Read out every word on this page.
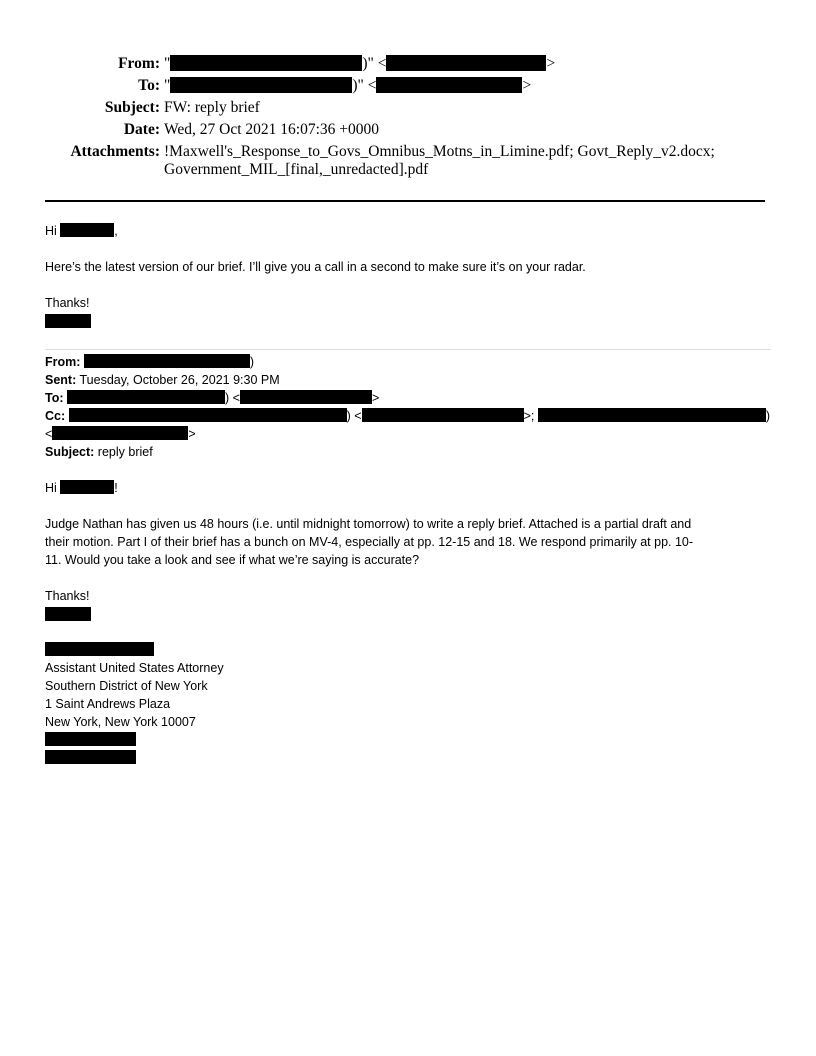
From: "	)" <	>
To: "	)" <	>
Subject: FW: reply brief
Date: Wed, 27 Oct 2021 16:07:36 +0000
Attachments: !Maxwell's_Response_to_Govs_Omnibus_Motns_in_Limine.pdf; Govt_Reply_v2.docx;
Government_MIL_[final,_unredacted].pdf
Hi	,
Here’s the latest version of our brief. I’ll give you a call in a second to make sure it’s on your radar.
Thanks!
From:	)
Sent: Tuesday, October 26, 2021 9:30 PM
To:	) <	>
Cc:	) <	>;	)
<	>
Subject: reply brief
Hi	!
Judge Nathan has given us 48 hours (i.e. until midnight tomorrow) to write a reply brief. Attached is a partial draft and
their motion. Part I of their brief has a bunch on MV-4, especially at pp. 12-15 and 18. We respond primarily at pp. 10-
11. Would you take a look and see if what we’re saying is accurate?
Thanks!
Assistant United States Attorney
Southern District of New York
1 Saint Andrews Plaza
New York, New York 10007
